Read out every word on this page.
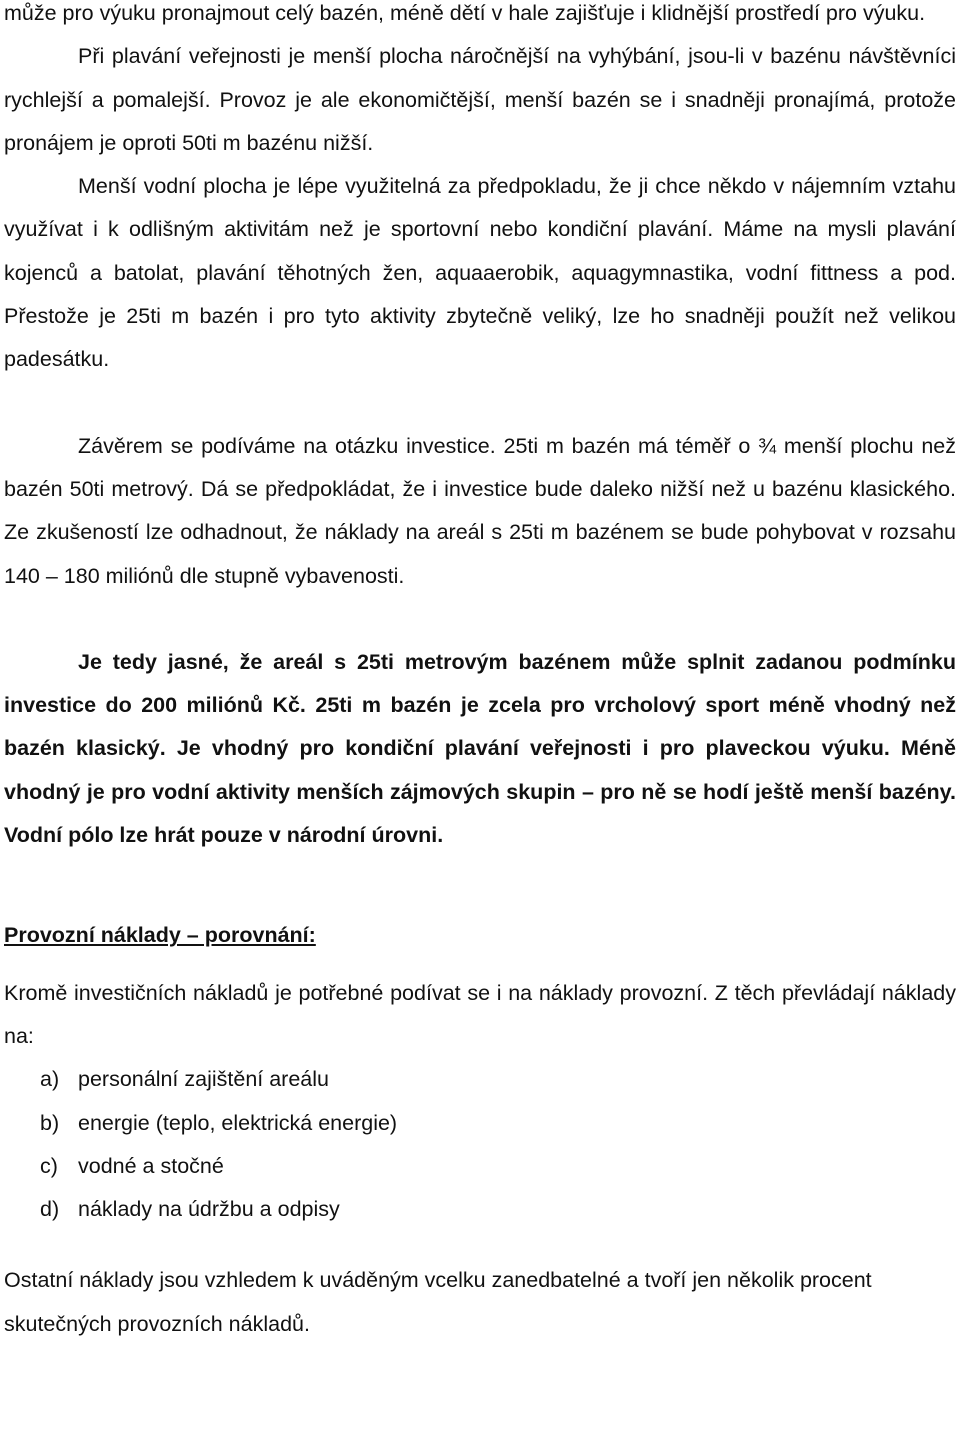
může pro výuku pronajmout celý bazén, méně dětí v hale zajišťuje i klidnější prostředí pro výuku.

Při plavání veřejnosti je menší plocha náročnější na vyhýbání, jsou-li v bazénu návštěvníci rychlejší a pomalejší. Provoz je ale ekonomičtější, menší bazén se i snadněji pronajímá, protože pronájem je oproti 50ti m bazénu nižší.

Menší vodní plocha je lépe využitelná za předpokladu, že ji chce někdo v nájemním vztahu využívat i k odlišným aktivitám než je sportovní nebo kondiční plavání. Máme na mysli plavání kojenců a batolat, plavání těhotných žen, aquaaerobik, aquagymnastika, vodní fittness a pod. Přestože je 25ti m bazén i pro tyto aktivity zbytečně veliký, lze ho snadněji použít než velikou padesátku.

Závěrem se podíváme na otázku investice. 25ti m bazén má téměř o ¾ menší plochu než bazén 50ti metrový. Dá se předpokládat, že i investice bude daleko nižší než u bazénu klasického. Ze zkušeností lze odhadnout, že náklady na areál s 25ti m bazénem se bude pohybovat v rozsahu 140 – 180 miliónů dle stupně vybavenosti.

Je tedy jasné, že areál s 25ti metrovým bazénem může splnit zadanou podmínku investice do 200 miliónů Kč. 25ti m bazén je zcela pro vrcholový sport méně vhodný než bazén klasický. Je vhodný pro kondiční plavání veřejnosti i pro plaveckou výuku. Méně vhodný je pro vodní aktivity menších zájmových skupin – pro ně se hodí ještě menší bazény. Vodní pólo lze hrát pouze v národní úrovni.

Provozní náklady – porovnání:

Kromě investičních nákladů je potřebné podívat se i na náklady provozní. Z těch převládají náklady na:

a) personální zajištění areálu
b) energie (teplo, elektrická energie)
c) vodné a stočné
d) náklady na údržbu a odpisy

Ostatní náklady jsou vzhledem k uváděným vcelku zanedbatelné a tvoří jen několik procent skutečných provozních nákladů.
